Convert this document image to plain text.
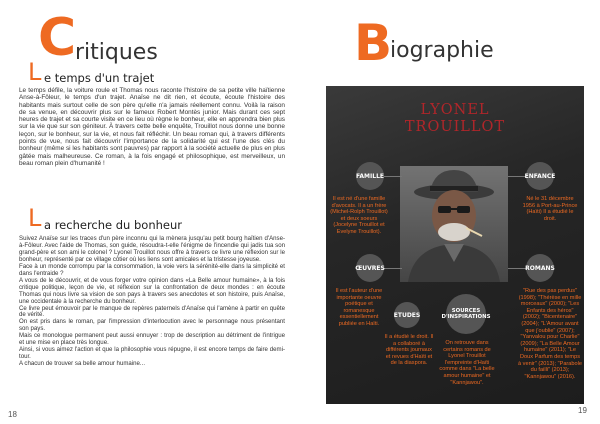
C
ritiques
L e temps d'un trajet

Le temps défile, la voiture roule et Thomas nous raconte l'histoire de sa petite ville haïtienne Anse-à-Fôleur, le temps d'un trajet. Anaïse ne dit rien, et écoute, écoute l'histoire des habitants mais surtout celle de son père qu'elle n'a jamais réellement connu. Voilà la raison de sa venue, en découvrir plus sur le fameux Robert Montès junior. Mais durant ces sept heures de trajet et sa courte visite en ce lieu où règne le bonheur, elle en apprendra bien plus sur la vie que sur son géniteur. À travers cette belle enquête, Trouillot nous donne une bonne leçon, sur le bonheur, sur la vie, et nous fait réfléchir. Un beau roman qui, à travers différents points de vue, nous fait découvrir l'importance de la solidarité qui est l'une des clés du bonheur (même si les habitants sont pauvres) par rapport à la société actuelle de plus en plus gâtée mais malheureuse. Ce roman, à la fois engagé et philosophique, est merveilleux, un beau roman plein d'humanité !

L a recherche du bonheur

Suivez Anaïse sur les traces d'un père inconnu qui la mènera jusqu'au petit bourg haïtien d'Anse-à-Fôleur. Avec l'aide de Thomas, son guide, résoudra-t-elle l'énigme de l'incendie qui jadis tua son grand-père et son ami le colonel ? Lyonel Trouillot nous offre à travers ce livre une réflexion sur le bonheur, représenté par ce village côtier où les liens sont amicales et la tristesse joyeuse.

Face à un monde corrompu par la consommation, la voie vers la sérénité-elle dans la simplicité et dans l'entraide ?

A vous de le découvrir, et de vous forger votre opinion dans «La Belle amour humaine», à la fois critique politique, leçon de vie, et réflexion sur la confrontation de deux mondes : en écoute Thomas qui nous livre sa vision de son pays à travers ses anecdotes et son histoire, puis Anaïse, une occidentale à la recherche du bonheur.

Ce livre peut émouvoir par le manque de repères paternels d'Anaïse qui l'amène à partir en quête de vérité.

On est pris dans le roman, par l'impression d'interlocution avec le personnage nous présentant son pays.

Mais ce monologue permanent peut aussi ennuyer : trop de description au détriment de l'intrigue et une mise en place très longue.

Ainsi, si vous aimez l'action et que la philosophie vous répugne, il est encore temps de faire demi-tour.

A chacun de trouver sa belle amour humaine...

18
B
iographie
LYONEL
TROUILLOT
FAMILLE
Il est né d'une famille d'avocats. Il a un frère (Michel-Rolph Trouillot) et deux soeurs (Jocelyne Trouillot et Evelyne Trouillot).
ENFANCE
Né le 31 décembre 1956 à Port-au-Prince (Haïti) Il a étudié le droit.
ŒUVRES
Il est l'auteur d'une importante oeuvre poétique et romanesque essentiellement publiée en Haïti.
ROMANS
"Rue des pas perdus" (1998); "Thérèse en mille morceaux" (2000); "Les Enfants des héros" (2002); "Bicentenaire" (2004); "L'Amour avant que j'oublie" (2007); "Yanvalou pour Charlie" (2009); "La Belle Amour humaine" (2011); "Le Doux Parfum des temps à venir" (2013); "Parabole du failli" (2013); "Kannjawou" (2016).
ETUDES
Il a étudié le droit. Il a collaboré à différents journaux et revues d'Haïti et de la diaspora.
SOURCES D'INSPIRATIONS
On retrouve dans certains romans de Lyonel Trouillot l'empreinte d'Haïti comme dans "La belle amour humaine" et "Kannjawou".
19
